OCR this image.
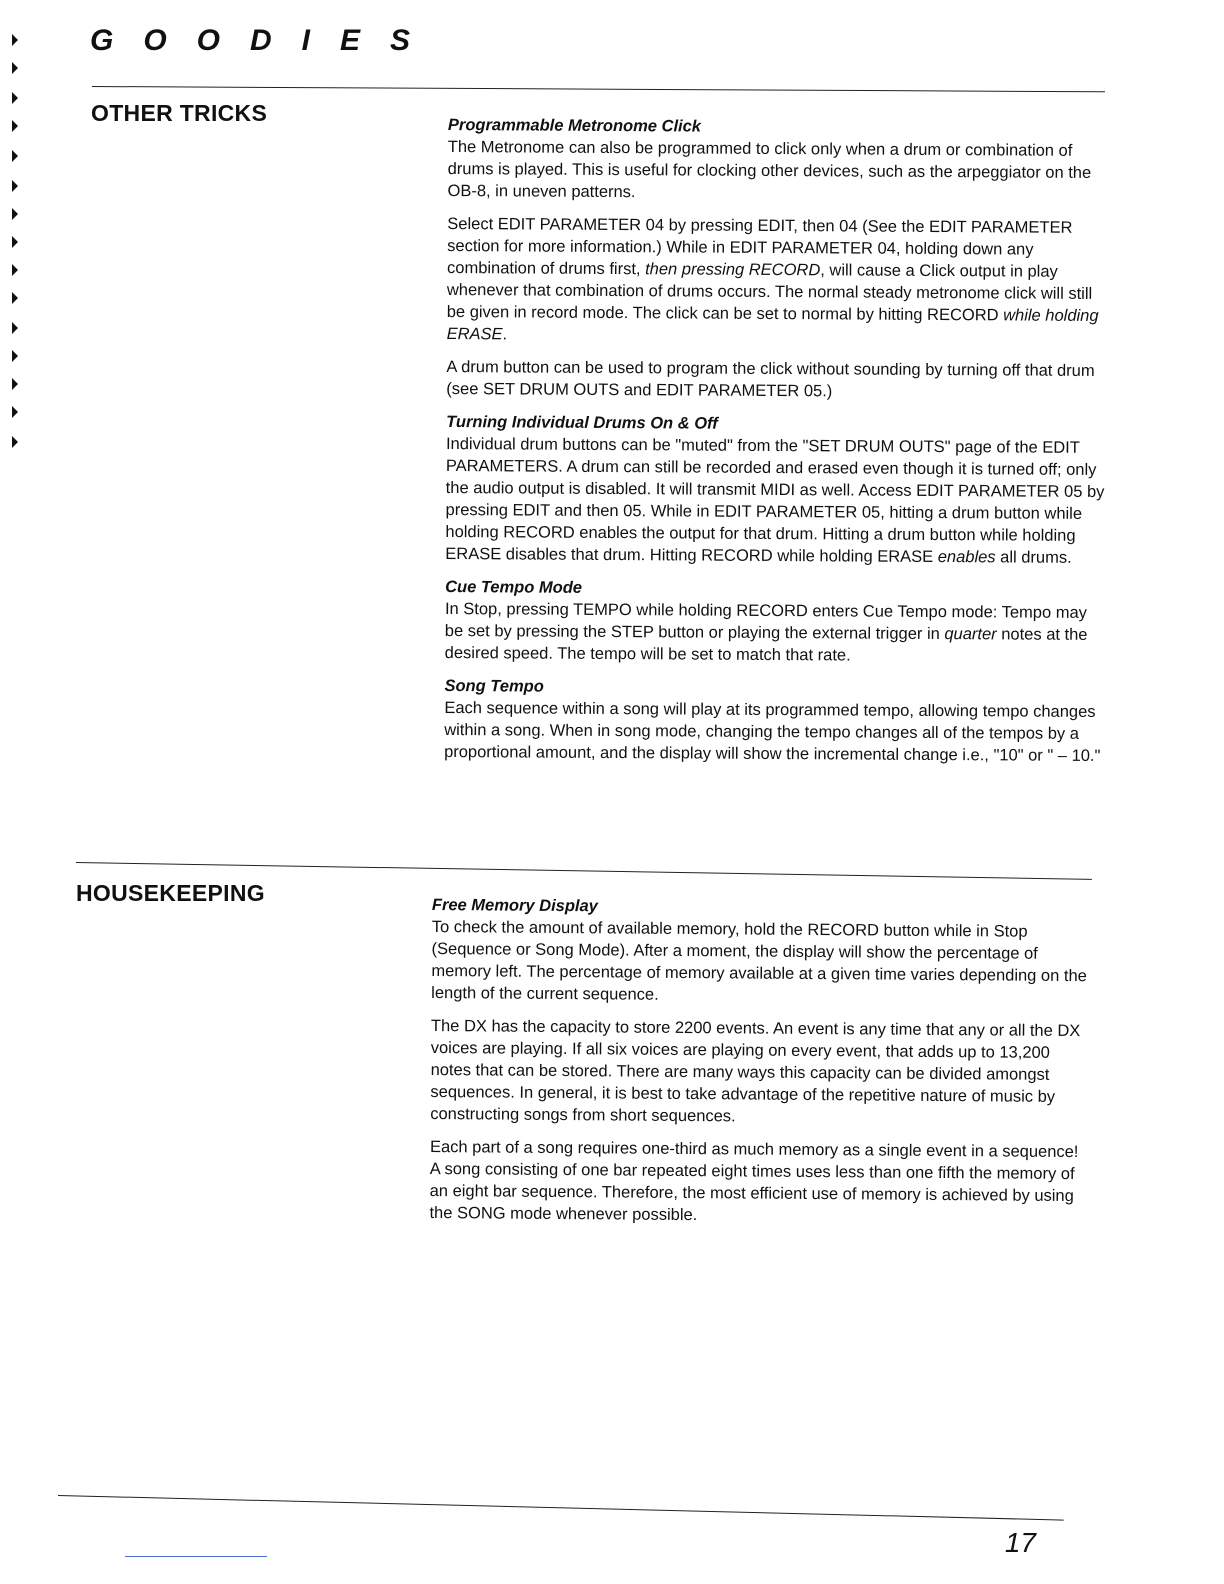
GOODIES
OTHER TRICKS	Programmable Metronome Click

The Metronome can also be programmed to click only when a drum or combination of drums is played. This is useful for clocking other devices, such as the arpeggiator on the OB-8, in uneven patterns.

Select EDIT PARAMETER 04 by pressing EDIT, then 04 (See the EDIT PARAMETER section for more information.) While in EDIT PARAMETER 04, holding down any combination of drums first, then pressing RECORD, will cause a Click output in play whenever that combination of drums occurs. The normal steady metronome click will still be given in record mode. The click can be set to normal by hitting RECORD while holding ERASE.

A drum button can be used to program the click without sounding by turning off that drum (see SET DRUM OUTS and EDIT PARAMETER 05.)

Turning Individual Drums On & Off

Individual drum buttons can be "muted" from the "SET DRUM OUTS" page of the EDIT PARAMETERS. A drum can still be recorded and erased even though it is turned off; only the audio output is disabled. It will transmit MIDI as well. Access EDIT PARAMETER 05 by pressing EDIT and then 05. While in EDIT PARAMETER 05, hitting a drum button while holding RECORD enables the output for that drum. Hitting a drum button while holding ERASE disables that drum. Hitting RECORD while holding ERASE enables all drums.

Cue Tempo Mode

In Stop, pressing TEMPO while holding RECORD enters Cue Tempo mode: Tempo may be set by pressing the STEP button or playing the external trigger in quarter notes at the desired speed. The tempo will be set to match that rate.

Song Tempo

Each sequence within a song will play at its programmed tempo, allowing tempo changes within a song. When in song mode, changing the tempo changes all of the tempos by a proportional amount, and the display will show the incremental change i.e., "10" or " – 10."

HOUSEKEEPING	Free Memory Display

To check the amount of available memory, hold the RECORD button while in Stop (Sequence or Song Mode). After a moment, the display will show the percentage of memory left. The percentage of memory available at a given time varies depending on the length of the current sequence.

The DX has the capacity to store 2200 events. An event is any time that any or all the DX voices are playing. If all six voices are playing on every event, that adds up to 13,200 notes that can be stored. There are many ways this capacity can be divided amongst sequences. In general, it is best to take advantage of the repetitive nature of music by constructing songs from short sequences.

Each part of a song requires one-third as much memory as a single event in a sequence! A song consisting of one bar repeated eight times uses less than one fifth the memory of an eight bar sequence. Therefore, the most efficient use of memory is achieved by using the SONG mode whenever possible.

17
